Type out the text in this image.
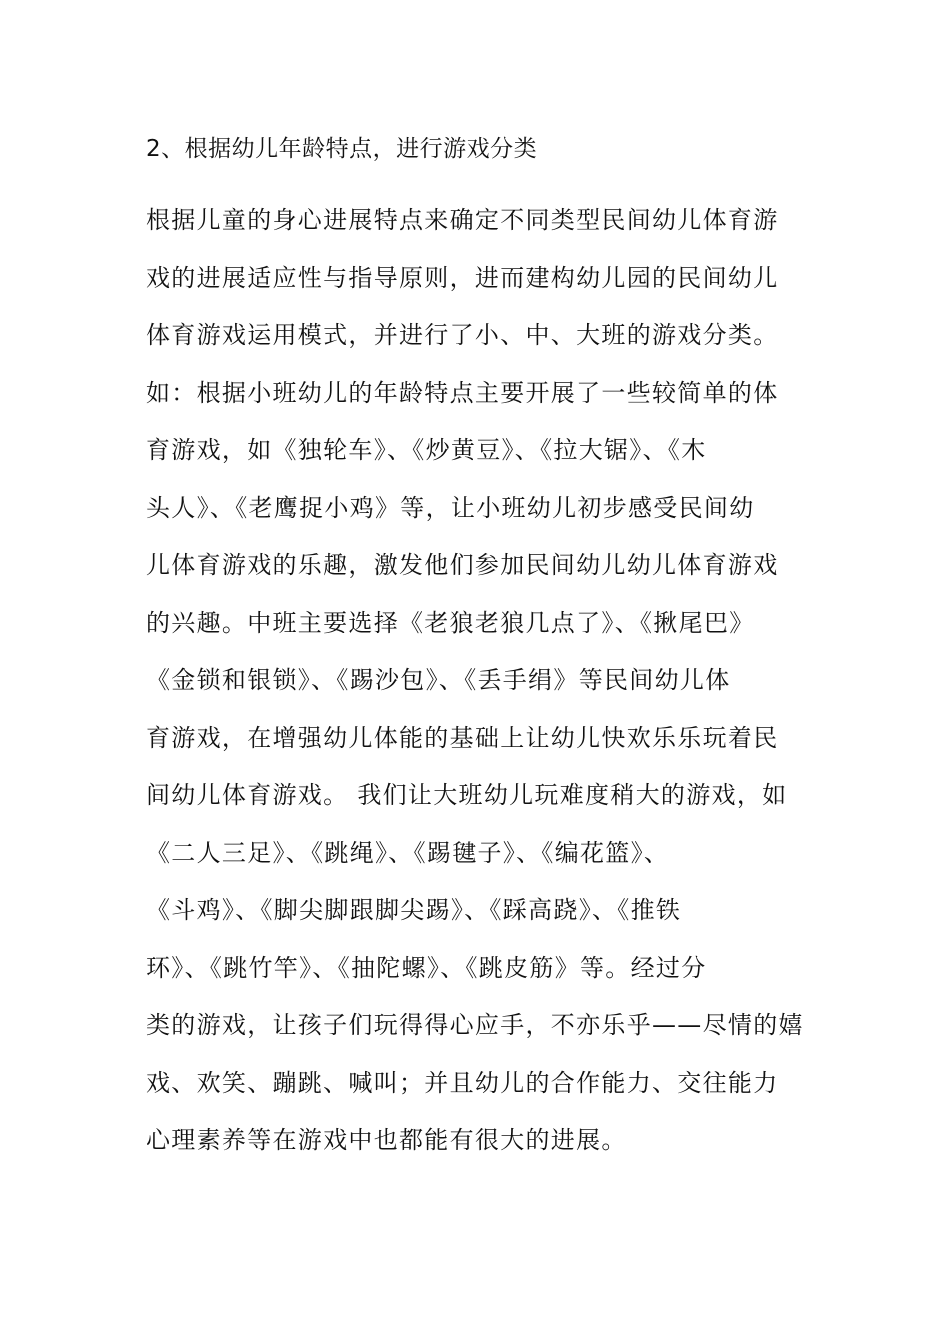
2、根据幼儿年龄特点，进行游戏分类
根据儿童的身心进展特点来确定不同类型民间幼儿体育游
戏的进展适应性与指导原则，进而建构幼儿园的民间幼儿
体育游戏运用模式，并进行了小、中、大班的游戏分类。
如：根据小班幼儿的年龄特点主要开展了一些较简单的体
育游戏，如《独轮车》、《炒黄豆》、《拉大锯》、《木
头人》、《老鹰捉小鸡》等，让小班幼儿初步感受民间幼
儿体育游戏的乐趣，激发他们参加民间幼儿幼儿体育游戏
的兴趣。中班主要选择《老狼老狼几点了》、《揪尾巴》
《金锁和银锁》、《踢沙包》、《丢手绢》等民间幼儿体
育游戏，在增强幼儿体能的基础上让幼儿快欢乐乐玩着民
间幼儿体育游戏。 我们让大班幼儿玩难度稍大的游戏，如
《二人三足》、《跳绳》、《踢毽子》、《编花篮》、
《斗鸡》、《脚尖脚跟脚尖踢》、《踩高跷》、《推铁
环》、《跳竹竿》、《抽陀螺》、《跳皮筋》等。经过分
类的游戏，让孩子们玩得得心应手，不亦乐乎——尽情的嬉
戏、欢笑、蹦跳、喊叫；并且幼儿的合作能力、交往能力
心理素养等在游戏中也都能有很大的进展。
